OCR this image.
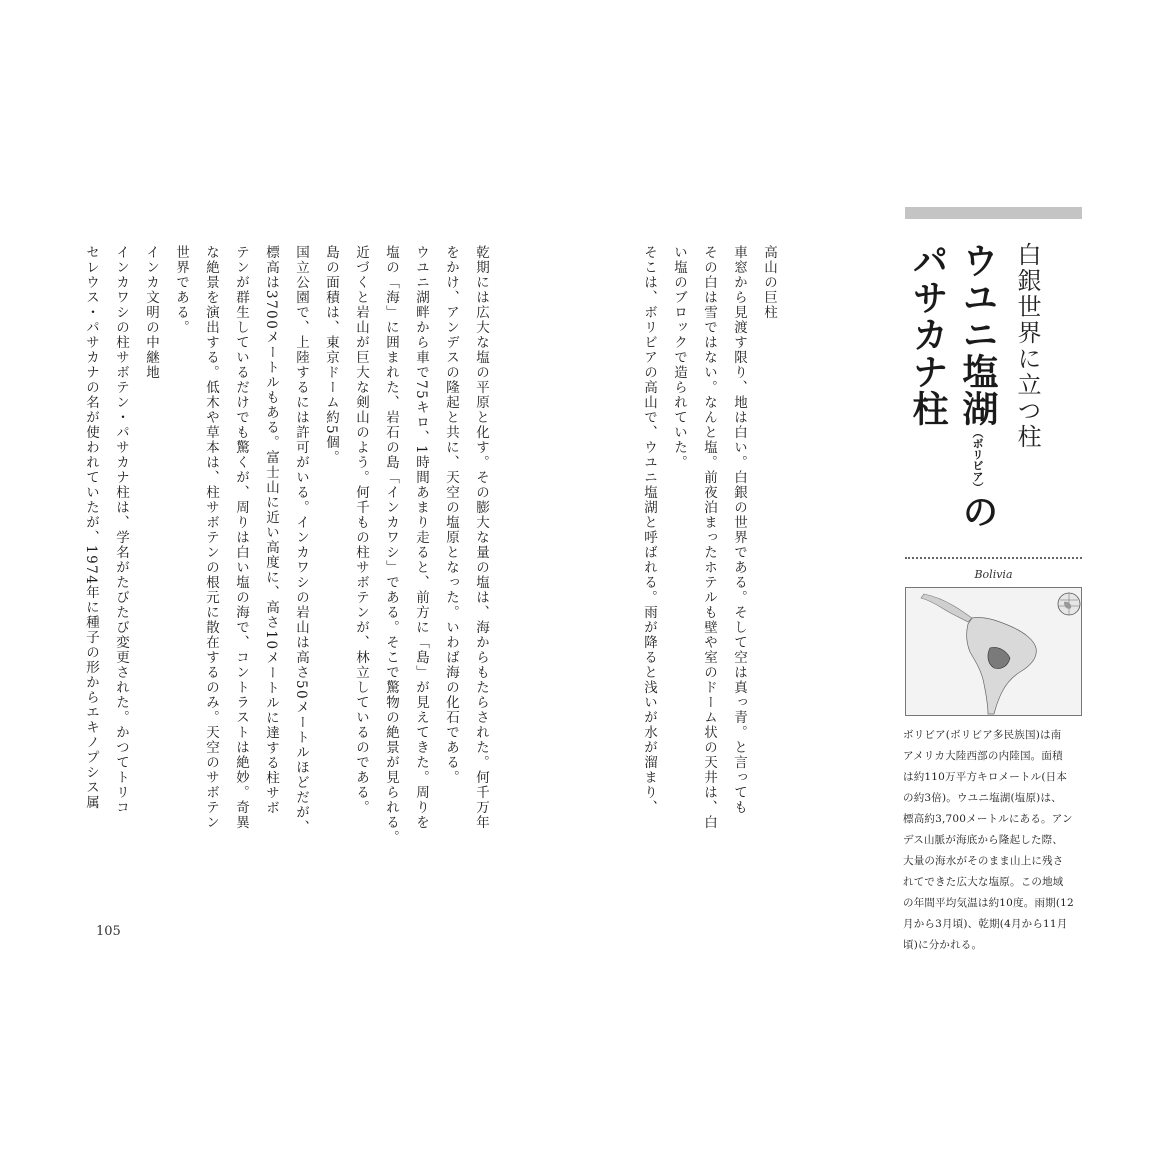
白銀世界に立つ柱
ウユニ塩湖（ボリビア）の
パサカナ柱
高山の巨柱
車窓から見渡す限り、地は白い。白銀の世界である。そして空は真っ青。と言っても
その白は雪ではない。なんと塩。前夜泊まったホテルも壁や室のドーム状の天井は、白
い塩のブロックで造られていた。
そこは、ボリビアの高山で、ウユニ塩湖と呼ばれる。雨が降ると浅いが水が溜まり、
乾期には広大な塩の平原と化す。その膨大な量の塩は、海からもたらされた。何千万年
をかけ、アンデスの隆起と共に、天空の塩原となった。いわば海の化石である。
ウユニ湖畔から車で75キロ、1時間あまり走ると、前方に「島」が見えてきた。周りを
塩の「海」に囲まれた、岩石の島「インカワシ」である。そこで驚物の絶景が見られる。
近づくと岩山が巨大な剣山のよう。何千もの柱サボテンが、林立しているのである。
島の面積は、東京ドーム約5個。
国立公園で、上陸するには許可がいる。インカワシの岩山は高さ50メートルほどだが、
標高は3700メートルもある。富士山に近い高度に、高さ10メートルに達する柱サボ
テンが群生しているだけでも驚くが、周りは白い塩の海で、コントラストは絶妙。奇異
な絶景を演出する。低木や草本は、柱サボテンの根元に散在するのみ。天空のサボテン
世界である。
インカ文明の中継地
インカワシの柱サボテン・パサカナ柱は、学名がたびたび変更された。かつてトリコ
セレウス・パサカナの名が使われていたが、1974年に種子の形からエキノプシス属	Bolivia
ボリビア(ボリビア多民族国)は南
アメリカ大陸西部の内陸国。面積
は約110万平方キロメートル(日本
の約3倍)。ウユニ塩湖(塩原)は、
標高約3,700メートルにある。アン
デス山脈が海底から隆起した際、
大量の海水がそのまま山上に残さ
れてできた広大な塩原。この地域
の年間平均気温は約10度。雨期(12
月から3月頃)、乾期(4月から11月
頃)に分かれる。
105
